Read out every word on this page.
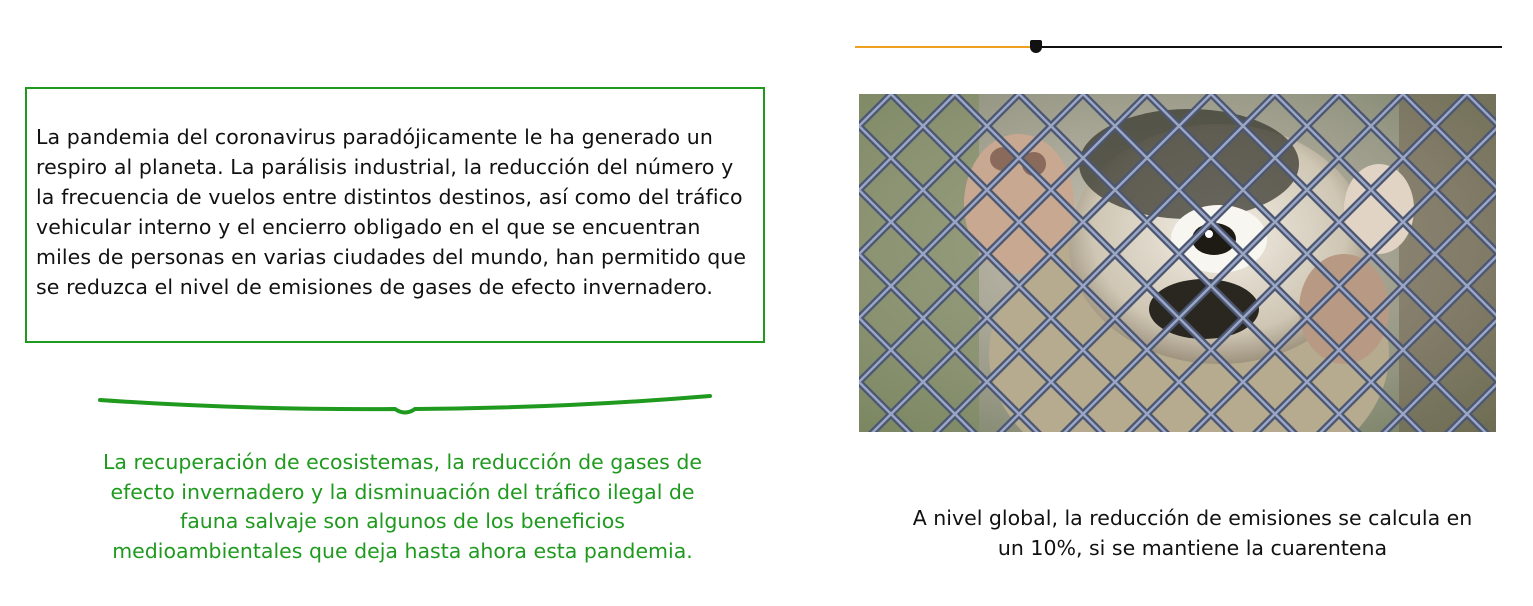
La pandemia del coronavirus paradójicamente le ha generado un respiro al planeta. La parálisis industrial, la reducción del número y la frecuencia de vuelos entre distintos destinos, así como del tráfico vehicular interno y el encierro obligado en el que se encuentran miles de personas en varias ciudades del mundo, han permitido que se reduzca el nivel de emisiones de gases de efecto invernadero.

La recuperación de ecosistemas, la reducción de gases de efecto invernadero y la disminuación del tráfico ilegal de fauna salvaje son algunos de los beneficios medioambientales que deja hasta ahora esta pandemia.

A nivel global, la reducción de emisiones se calcula en un 10%, si se mantiene la cuarentena
